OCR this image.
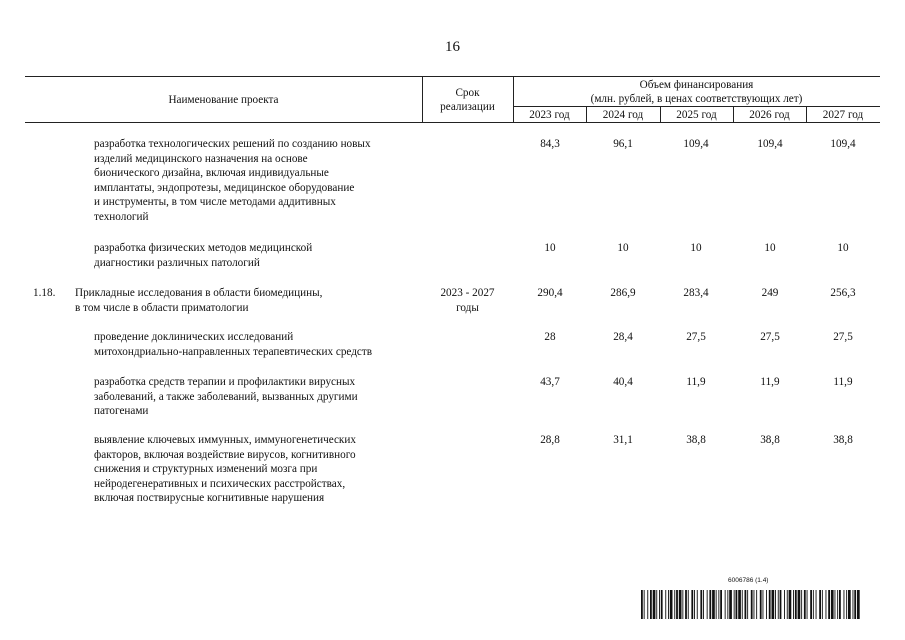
16
Наименование проекта
Срок
реализации
Объем финансирования
(млн. рублей, в ценах соответствующих лет)
2023 год	2024 год	2025 год	2026 год	2027 год
разработка технологических решений по созданию новых
изделий медицинского назначения на основе
бионического дизайна, включая индивидуальные
имплантаты, эндопротезы, медицинское оборудование
и инструменты, в том числе методами аддитивных
технологий
84,3	96,1	109,4	109,4	109,4
разработка физических методов медицинской
диагностики различных патологий
10	10	10	10	10
1.18. Прикладные исследования в области биомедицины,
в том числе в области приматологии
2023 - 2027
годы
290,4	286,9	283,4	249	256,3
проведение доклинических исследований
митохондриально-направленных терапевтических средств
28	28,4	27,5	27,5	27,5
разработка средств терапии и профилактики вирусных
заболеваний, а также заболеваний, вызванных другими
патогенами
43,7	40,4	11,9	11,9	11,9
выявление ключевых иммунных, иммуногенетических
факторов, включая воздействие вирусов, когнитивного
снижения и структурных изменений мозга при
нейродегенеративных и психических расстройствах,
включая поствирусные когнитивные нарушения
28,8	31,1	38,8	38,8	38,8
6006786 (1.4)
